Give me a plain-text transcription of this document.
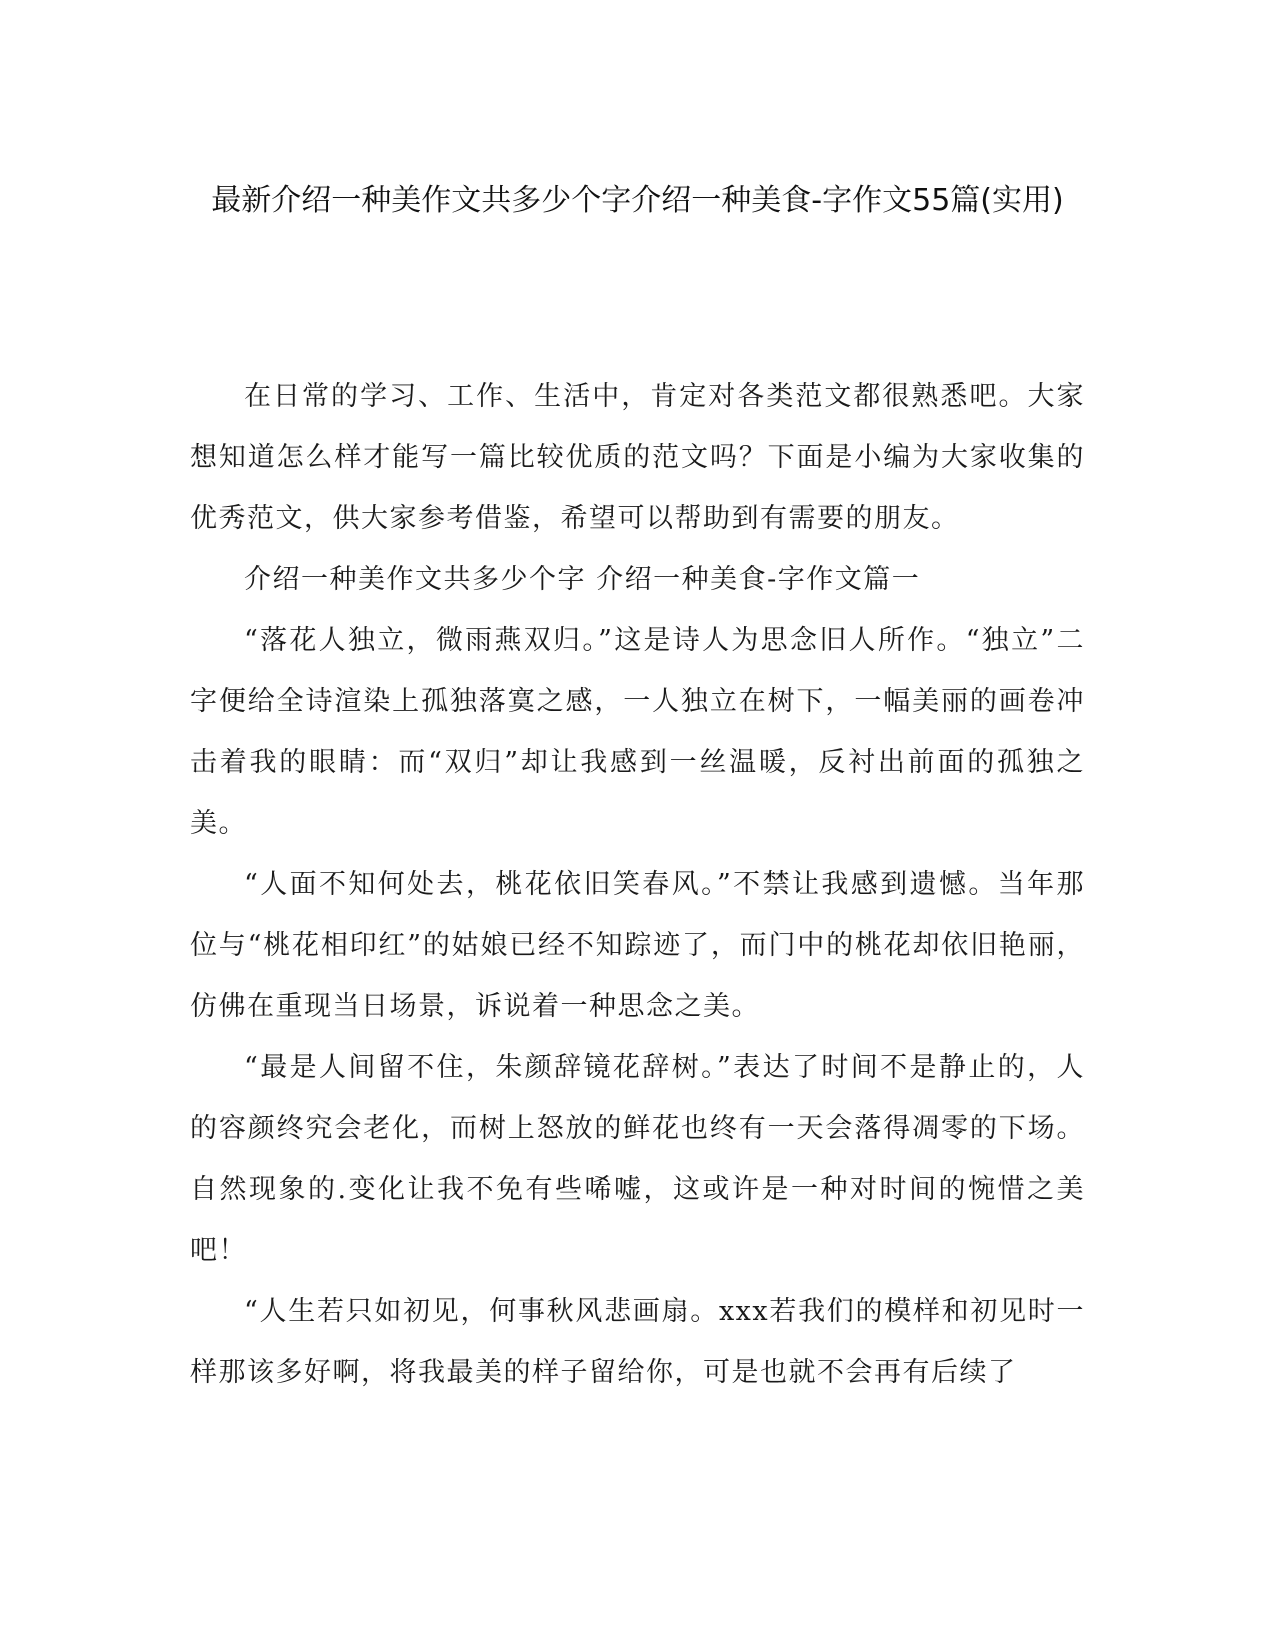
最新介绍一种美作文共多少个字介绍一种美食-字作文55篇(实用)

在日常的学习、工作、生活中，肯定对各类范文都很熟悉吧。大家想知道怎么样才能写一篇比较优质的范文吗？下面是小编为大家收集的优秀范文，供大家参考借鉴，希望可以帮助到有需要的朋友。

介绍一种美作文共多少个字 介绍一种美食-字作文篇一

“落花人独立，微雨燕双归。”这是诗人为思念旧人所作。“独立”二字便给全诗渲染上孤独落寞之感，一人独立在树下，一幅美丽的画卷冲击着我的眼睛：而“双归”却让我感到一丝温暖，反衬出前面的孤独之美。

“人面不知何处去，桃花依旧笑春风。”不禁让我感到遗憾。当年那位与“桃花相印红”的姑娘已经不知踪迹了，而门中的桃花却依旧艳丽，仿佛在重现当日场景，诉说着一种思念之美。

“最是人间留不住，朱颜辞镜花辞树。”表达了时间不是静止的，人的容颜终究会老化，而树上怒放的鲜花也终有一天会落得凋零的下场。自然现象的.变化让我不免有些唏嘘，这或许是一种对时间的惋惜之美吧！

“人生若只如初见，何事秋风悲画扇。xxx若我们的模样和初见时一样那该多好啊，将我最美的样子留给你，可是也就不会再有后续了
